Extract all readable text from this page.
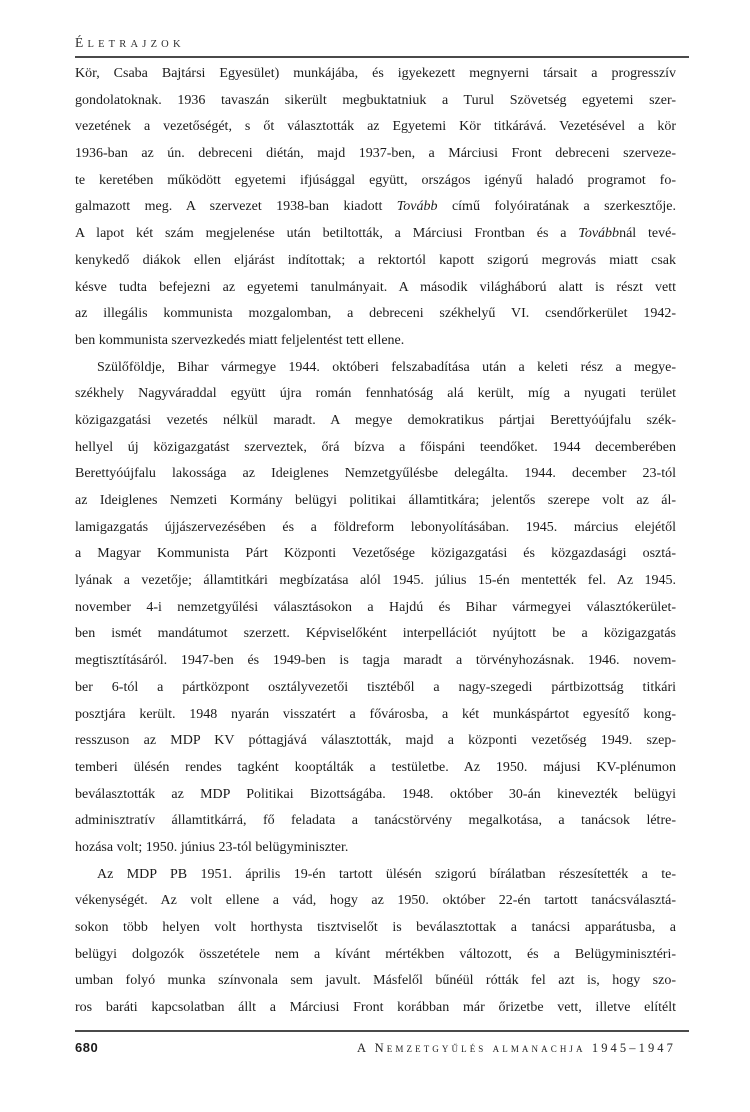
ÉLETRAJZOK
Kör, Csaba Bajtársi Egyesület) munkájába, és igyekezett megnyerni társait a progresszív
gondolatoknak. 1936 tavaszán sikerült megbuktatniuk a Turul Szövetség egyetemi szer-
vezetének a vezetőségét, s őt választották az Egyetemi Kör titkárává. Vezetésével a kör
1936-ban az ún. debreceni diétán, majd 1937-ben, a Márciusi Front debreceni szerveze-
te keretében működött egyetemi ifjúsággal együtt, országos igényű haladó programot fo-
galmazott meg. A szervezet 1938-ban kiadott Tovább című folyóiratának a szerkesztője.
A lapot két szám megjelenése után betiltották, a Márciusi Frontban és a Továbbnál tevé-
kenykedő diákok ellen eljárást indítottak; a rektortól kapott szigorú megrovás miatt csak
késve tudta befejezni az egyetemi tanulmányait. A második világháború alatt is részt vett
az illegális kommunista mozgalomban, a debreceni székhelyű VI. csendőrkerület 1942-
ben kommunista szervezkedés miatt feljelentést tett ellene.
Szülőföldje, Bihar vármegye 1944. októberi felszabadítása után a keleti rész a megye-
székhely Nagyváraddal együtt újra román fennhatóság alá került, míg a nyugati terület
közigazgatási vezetés nélkül maradt. A megye demokratikus pártjai Berettyóújfalu szék-
hellyel új közigazgatást szerveztek, őrá bízva a főispáni teendőket. 1944 decemberében
Berettyóújfalu lakossága az Ideiglenes Nemzetgyűlésbe delegálta. 1944. december 23-tól
az Ideiglenes Nemzeti Kormány belügyi politikai államtitkára; jelentős szerepe volt az ál-
lamigazgatás újjászervezésében és a földreform lebonyolításában. 1945. március elejétől
a Magyar Kommunista Párt Központi Vezetősége közigazgatási és közgazdasági osztá-
lyának a vezetője; államtitkári megbízatása alól 1945. július 15-én mentették fel. Az 1945.
november 4-i nemzetgyűlési választásokon a Hajdú és Bihar vármegyei választókerület-
ben ismét mandátumot szerzett. Képviselőként interpellációt nyújtott be a közigazgatás
megtisztításáról. 1947-ben és 1949-ben is tagja maradt a törvényhozásnak. 1946. novem-
ber 6-tól a pártközpont osztályvezetői tisztéből a nagy-szegedi pártbizottság titkári
posztjára került. 1948 nyarán visszatért a fővárosba, a két munkáspártot egyesítő kong-
resszuson az MDP KV póttagjává választották, majd a központi vezetőség 1949. szep-
temberi ülésén rendes tagként kooptálták a testületbe. Az 1950. májusi KV-plénumon
beválasztották az MDP Politikai Bizottságába. 1948. október 30-án kinevezték belügyi
adminisztratív államtitkárrá, fő feladata a tanácstörvény megalkotása, a tanácsok létre-
hozása volt; 1950. június 23-tól belügyminiszter.
Az MDP PB 1951. április 19-én tartott ülésén szigorú bírálatban részesítették a te-
vékenységét. Az volt ellene a vád, hogy az 1950. október 22-én tartott tanácsválasztá-
sokon több helyen volt horthysta tisztviselőt is beválasztottak a tanácsi apparátusba, a
belügyi dolgozók összetétele nem a kívánt mértékben változott, és a Belügyminisztéri-
umban folyó munka színvonala sem javult. Másfelől bűnéül rótták fel azt is, hogy szo-
ros baráti kapcsolatban állt a Márciusi Front korábban már őrizetbe vett, illetve elítélt
680	A Nemzetgyűlés almanachja 1945–1947
